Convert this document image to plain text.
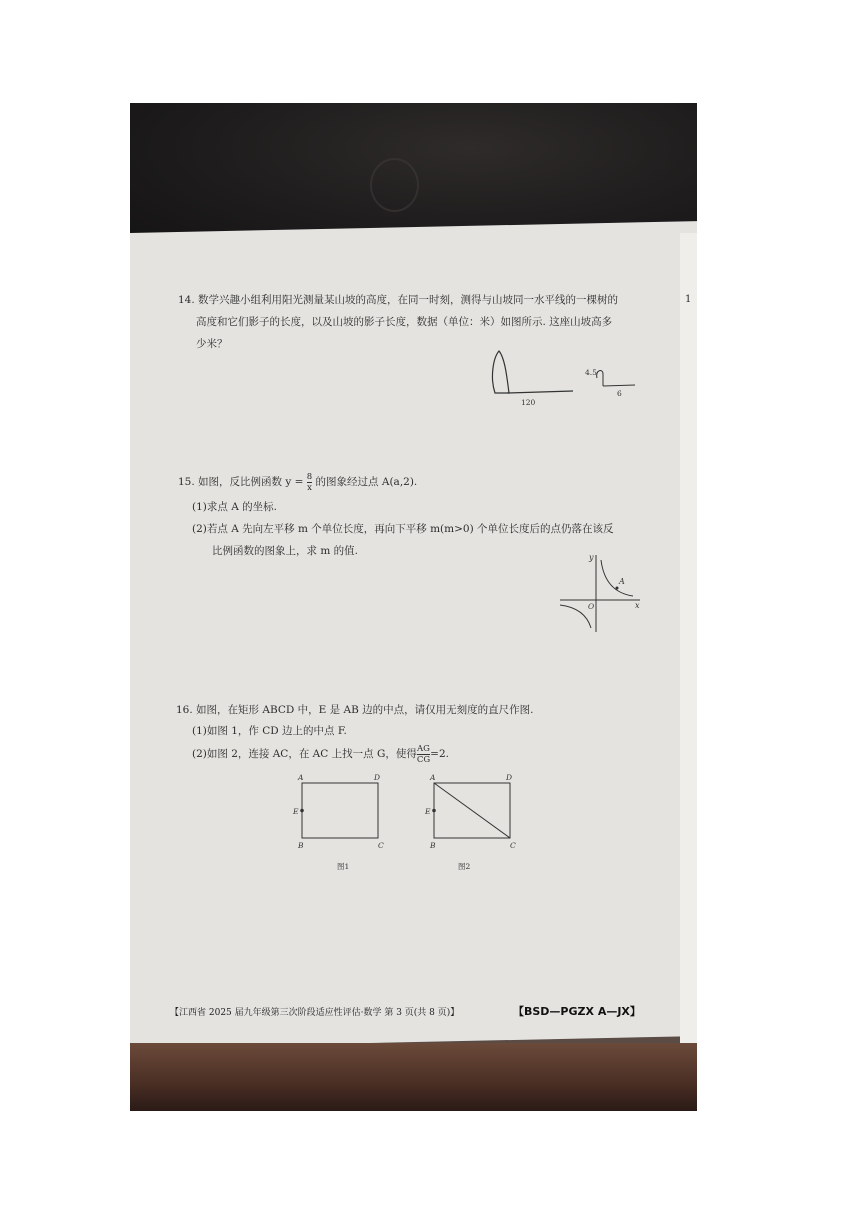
14. 数学兴趣小组利用阳光测量某山坡的高度，在同一时刻，测得与山坡同一水平线的一棵树的
高度和它们影子的长度，以及山坡的影子长度，数据（单位：米）如图所示. 这座山坡高多
少米？
1
120
4.5
6
15. 如图，反比例函数 $y = \frac{8}{x}$ 的图象经过点 A(a,2).
(1)求点 A 的坐标.
(2)若点 A 先向左平移 m 个单位长度，再向下平移 m(m>0) 个单位长度后的点仍落在该反
比例函数的图象上，求 m 的值.
y
x
O
A
16. 如图，在矩形 ABCD 中，E 是 AB 边的中点，请仅用无刻度的直尺作图.
(1)如图 1，作 CD 边上的中点 F.
(2)如图 2，连接 AC，在 AC 上找一点 G，使得 $\frac{AG}{CG} =2$.
A	D
E
B	C
图1
A	D
E
B	C
图2
【江西省 2025 届九年级第三次阶段适应性评估·数学 第 3 页(共 8 页)】	【BSD—PGZX A—JX】
